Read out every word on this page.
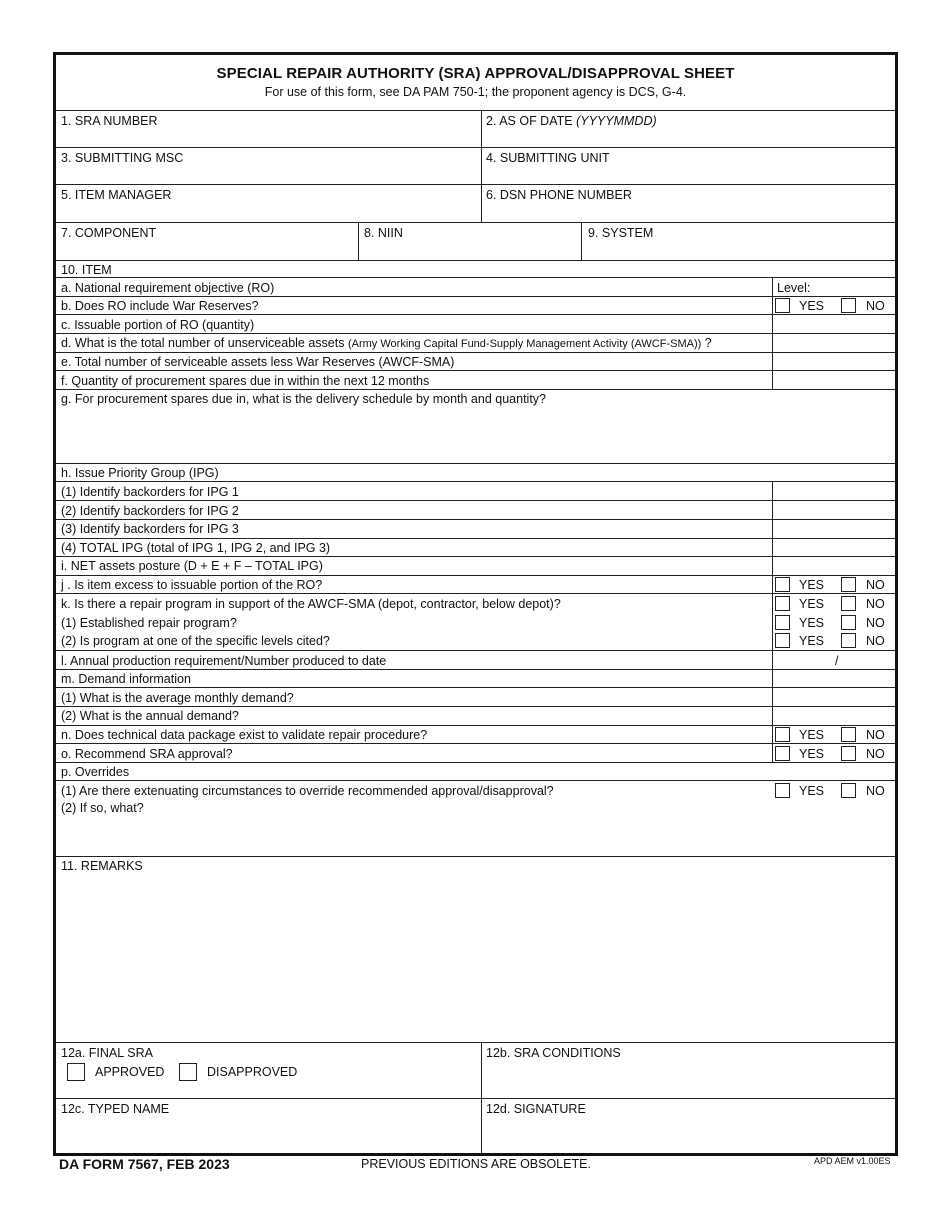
SPECIAL REPAIR AUTHORITY (SRA) APPROVAL/DISAPPROVAL SHEET
For use of this form, see DA PAM 750-1; the proponent agency is DCS, G-4.
1. SRA NUMBER	2. AS OF DATE (YYYYMMDD)
3. SUBMITTING MSC	4. SUBMITTING UNIT
5. ITEM MANAGER	6. DSN PHONE NUMBER
7. COMPONENT	8. NIIN	9. SYSTEM
10. ITEM
a. National requirement objective (RO)	Level:
b. Does RO include War Reserves?	YES	NO
c. Issuable portion of RO (quantity)
d. What is the total number of unserviceable assets (Army Working Capital Fund-Supply Management Activity (AWCF-SMA)) ?
e. Total number of serviceable assets less War Reserves (AWCF-SMA)
f. Quantity of procurement spares due in within the next 12 months
g. For procurement spares due in, what is the delivery schedule by month and quantity?
h. Issue Priority Group (IPG)
(1) Identify backorders for IPG 1
(2) Identify backorders for IPG 2
(3) Identify backorders for IPG 3
(4) TOTAL IPG (total of IPG 1, IPG 2, and IPG 3)
i. NET assets posture (D + E + F – TOTAL IPG)
j . Is item excess to issuable portion of the RO?	YES	NO
k. Is there a repair program in support of the AWCF-SMA (depot, contractor, below depot)?	YES	NO
(1) Established repair program?	YES	NO
(2) Is program at one of the specific levels cited?	YES	NO
l. Annual production requirement/Number produced to date	/
m. Demand information
(1) What is the average monthly demand?
(2) What is the annual demand?
n. Does technical data package exist to validate repair procedure?	YES	NO
o. Recommend SRA approval?	YES	NO
p. Overrides
(1) Are there extenuating circumstances to override recommended approval/disapproval?	YES	NO
(2) If so, what?
11. REMARKS
12a. FINAL SRA
APPROVED	DISAPPROVED
12b. SRA CONDITIONS
12c. TYPED NAME	12d. SIGNATURE
DA FORM 7567, FEB 2023	PREVIOUS EDITIONS ARE OBSOLETE.	APD AEM v1.00ES
